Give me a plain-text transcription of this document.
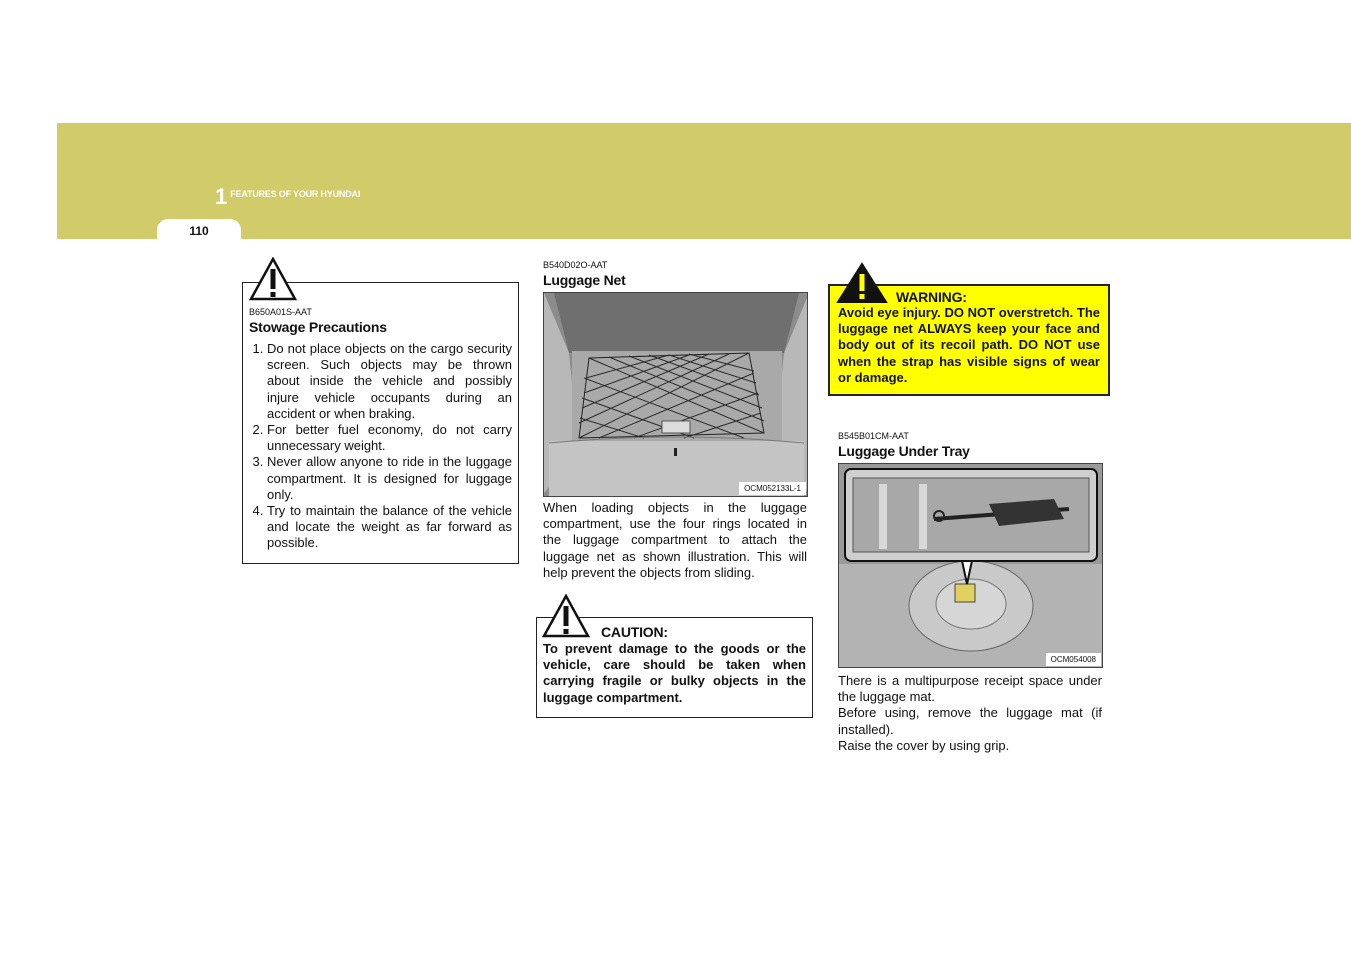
1 FEATURES OF YOUR HYUNDAI
110
B650A01S-AAT
Stowage Precautions
1. Do not place objects on the cargo security screen. Such objects may be thrown about inside the vehicle and possibly injure vehicle occupants during an accident or when braking.
2. For better fuel economy, do not carry unnecessary weight.
3. Never allow anyone to ride in the luggage compartment. It is designed for luggage only.
4. Try to maintain the balance of the vehicle and locate the weight as far forward as possible.
B540D02O-AAT
Luggage Net
OCM052133L-1
When loading objects in the luggage compartment, use the four rings located in the luggage compartment to attach the luggage net as shown illustration. This will help prevent the objects from sliding.
CAUTION:
To prevent damage to the goods or the vehicle, care should be taken when carrying fragile or bulky objects in the luggage compartment.
WARNING:
Avoid eye injury. DO NOT overstretch. The luggage net ALWAYS keep your face and body out of its recoil path. DO NOT use when the strap has visible signs of wear or damage.
B545B01CM-AAT
Luggage Under Tray
OCM054008
There is a multipurpose receipt space under the luggage mat.
Before using, remove the luggage mat (if installed).
Raise the cover by using grip.
